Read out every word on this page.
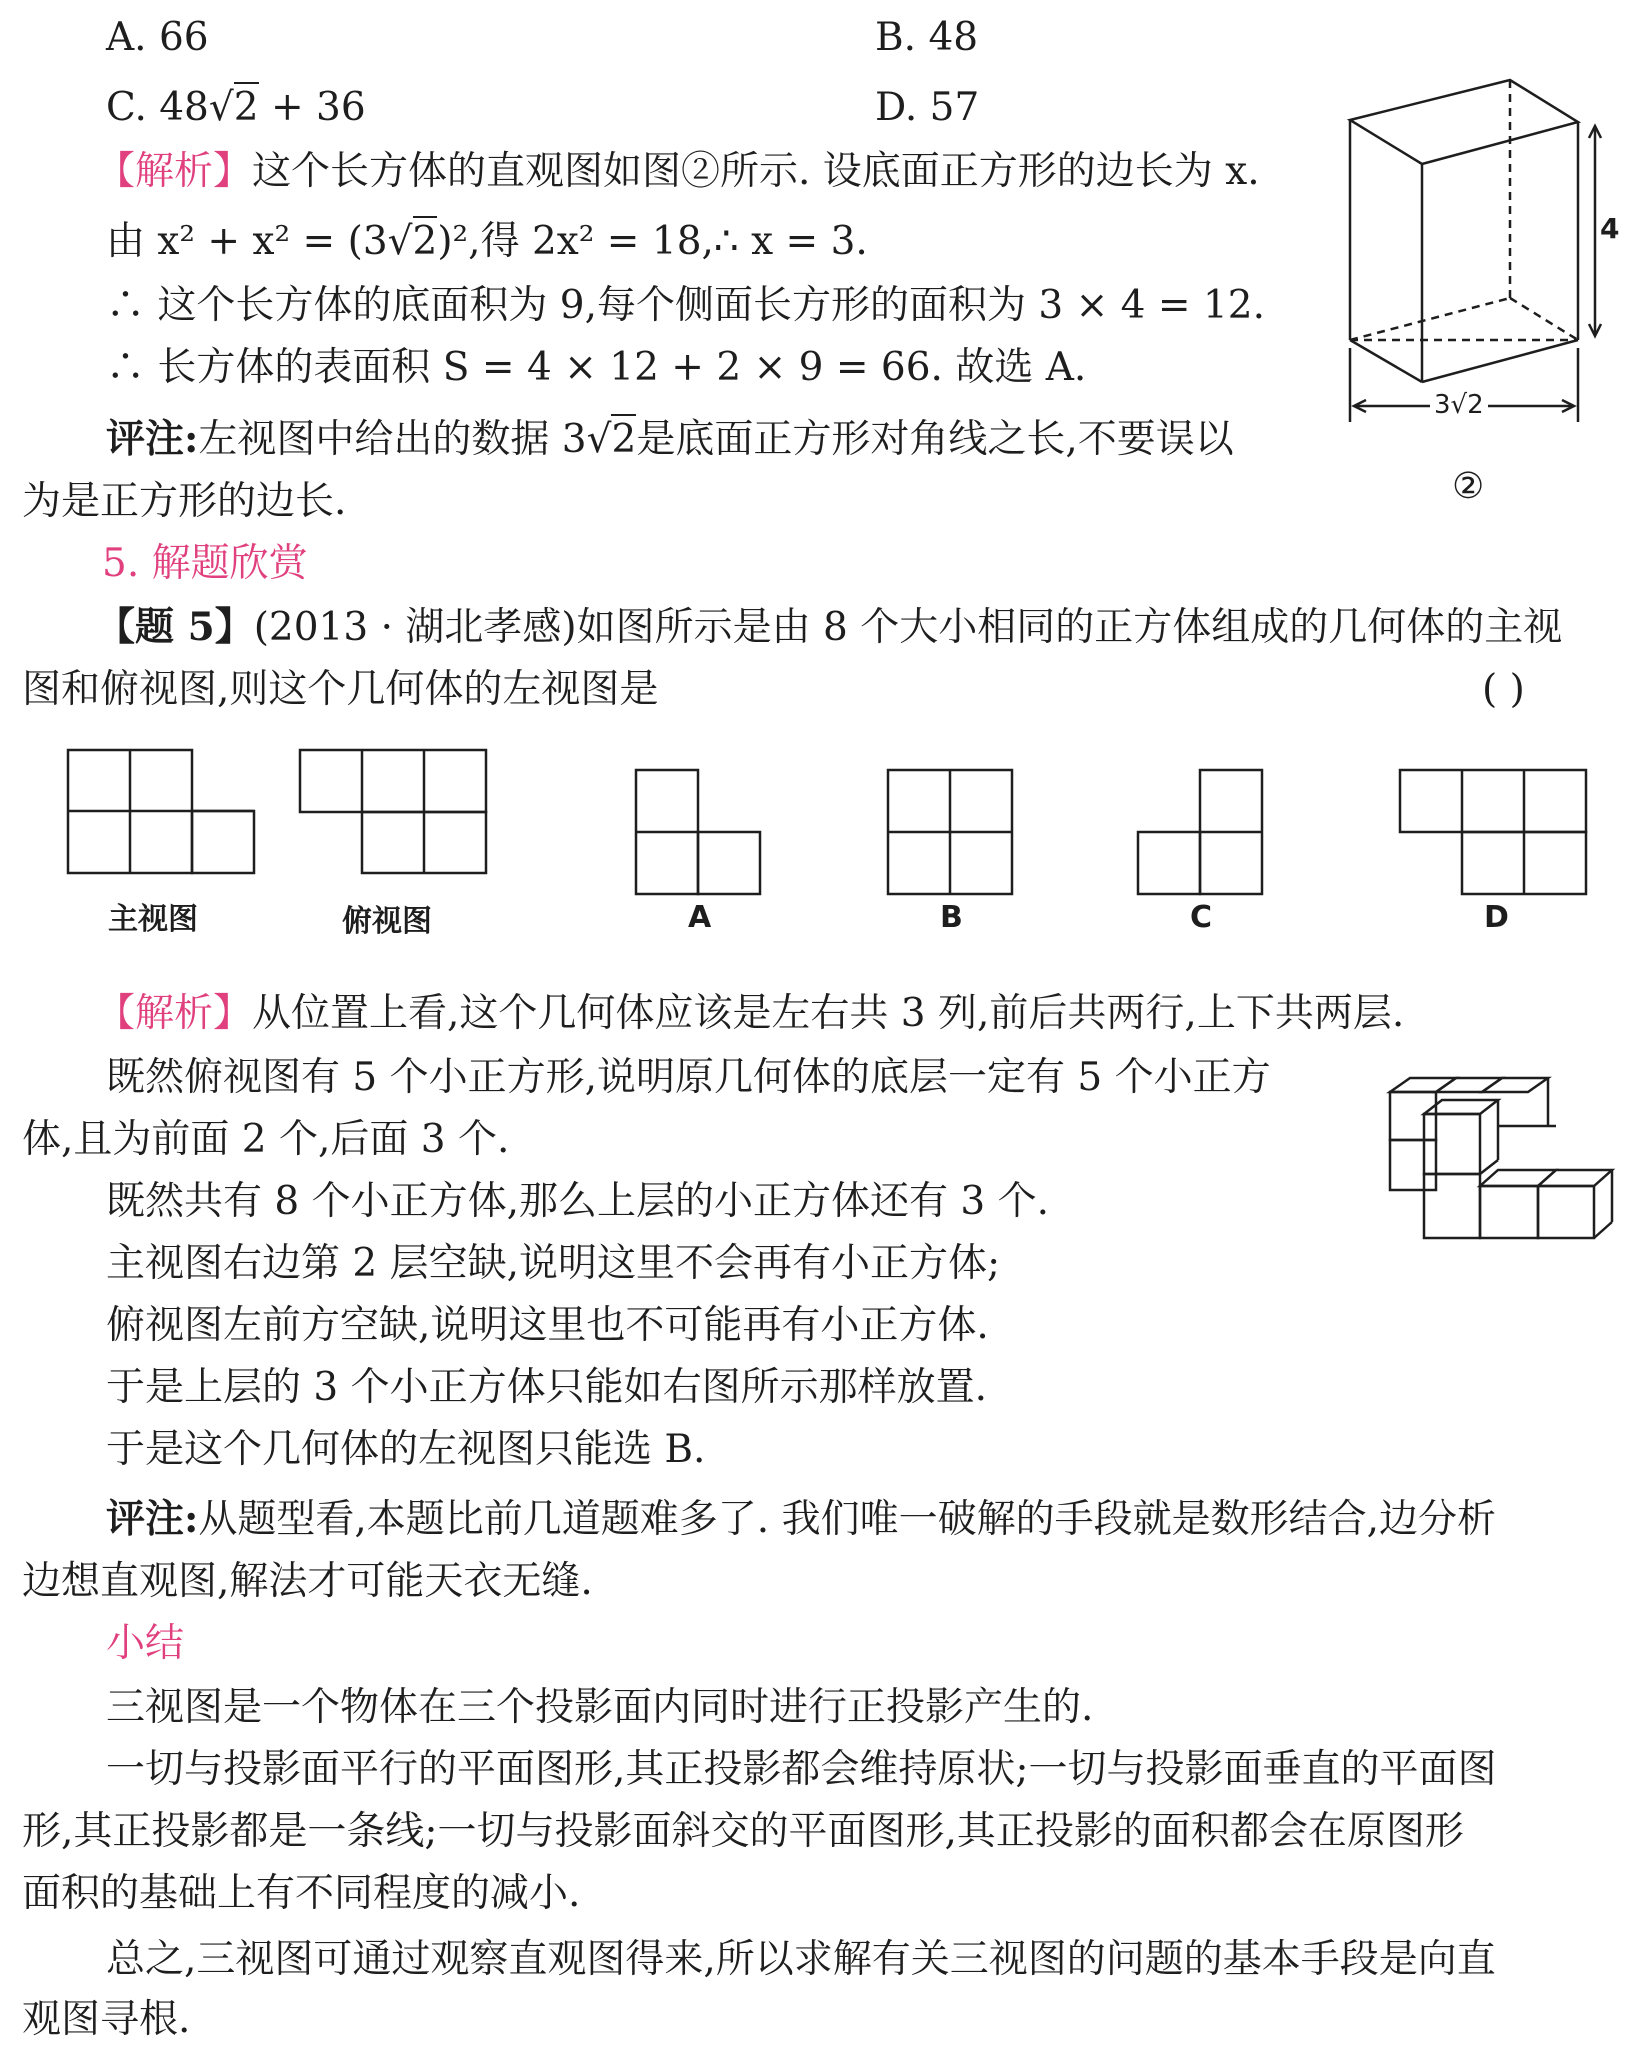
A. 66	B. 48
C. 48 √ 2 + 36	D. 57
【解析】这个长方体的直观图如图②所示. 设底面正方形的边长为 x.
由 x² + x² = (3 √ 2)²,得 2x² = 18,∴ x = 3.
∴ 这个长方体的底面积为 9,每个侧面长方形的面积为 3 × 4 = 12.
∴ 长方体的表面积 S = 4 × 12 + 2 × 9 = 66. 故选 A.
评注:左视图中给出的数据 3 √ 2是底面正方形对角线之长,不要误以
为是正方形的边长.
4
3√2
②
5. 解题欣赏
【题 5】(2013 · 湖北孝感)如图所示是由 8 个大小相同的正方体组成的几何体的主视
图和俯视图,则这个几何体的左视图是	( )
主视图	俯视图	A	B	C	D
【解析】从位置上看,这个几何体应该是左右共 3 列,前后共两行,上下共两层.
既然俯视图有 5 个小正方形,说明原几何体的底层一定有 5 个小正方
体,且为前面 2 个,后面 3 个.
既然共有 8 个小正方体,那么上层的小正方体还有 3 个.
主视图右边第 2 层空缺,说明这里不会再有小正方体;
俯视图左前方空缺,说明这里也不可能再有小正方体.
于是上层的 3 个小正方体只能如右图所示那样放置.
于是这个几何体的左视图只能选 B.
评注:从题型看,本题比前几道题难多了. 我们唯一破解的手段就是数形结合,边分析
边想直观图,解法才可能天衣无缝.
小结
三视图是一个物体在三个投影面内同时进行正投影产生的.
一切与投影面平行的平面图形,其正投影都会维持原状;一切与投影面垂直的平面图
形,其正投影都是一条线;一切与投影面斜交的平面图形,其正投影的面积都会在原图形
面积的基础上有不同程度的减小.
总之,三视图可通过观察直观图得来,所以求解有关三视图的问题的基本手段是向直
观图寻根.
